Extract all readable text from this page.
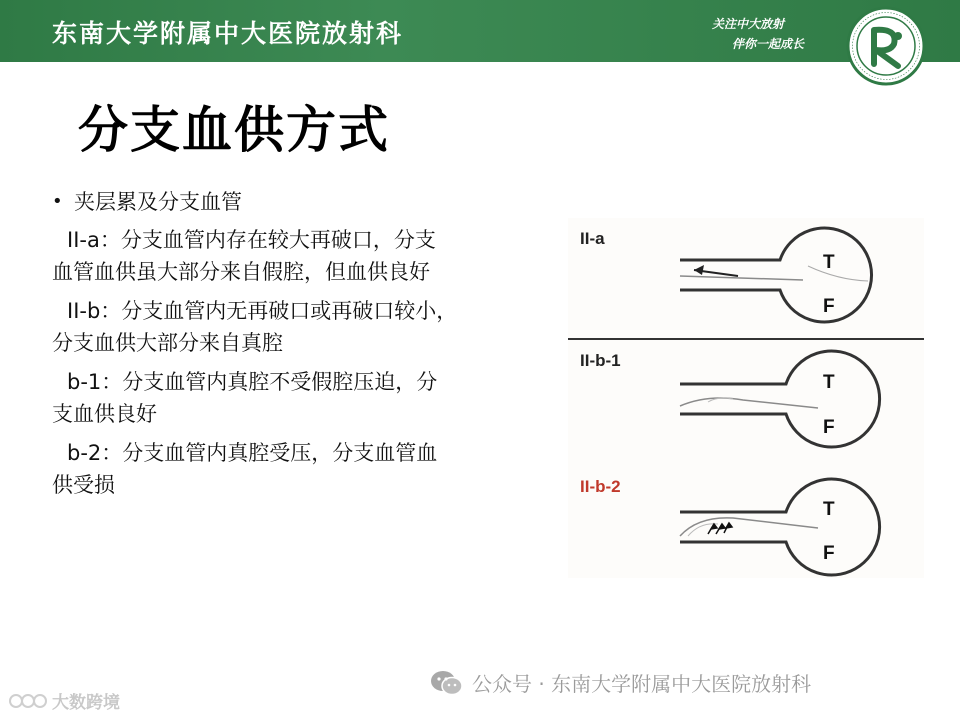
东南大学附属中大医院放射科	关注中大放射
伴你一起成长
分支血供方式
• 夹层累及分支血管
II-a：分支血管内存在较大再破口，分支
血管血供虽大部分来自假腔，但血供良好
II-b：分支血管内无再破口或再破口较小，
分支血供大部分来自真腔
b-1：分支血管内真腔不受假腔压迫，分
支血供良好
b-2：分支血管内真腔受压，分支血管血
供受损
II-a
T
F
II-b-1
T
F
II-b-2
T
F
公众号 · 东南大学附属中大医院放射科
大数跨境
